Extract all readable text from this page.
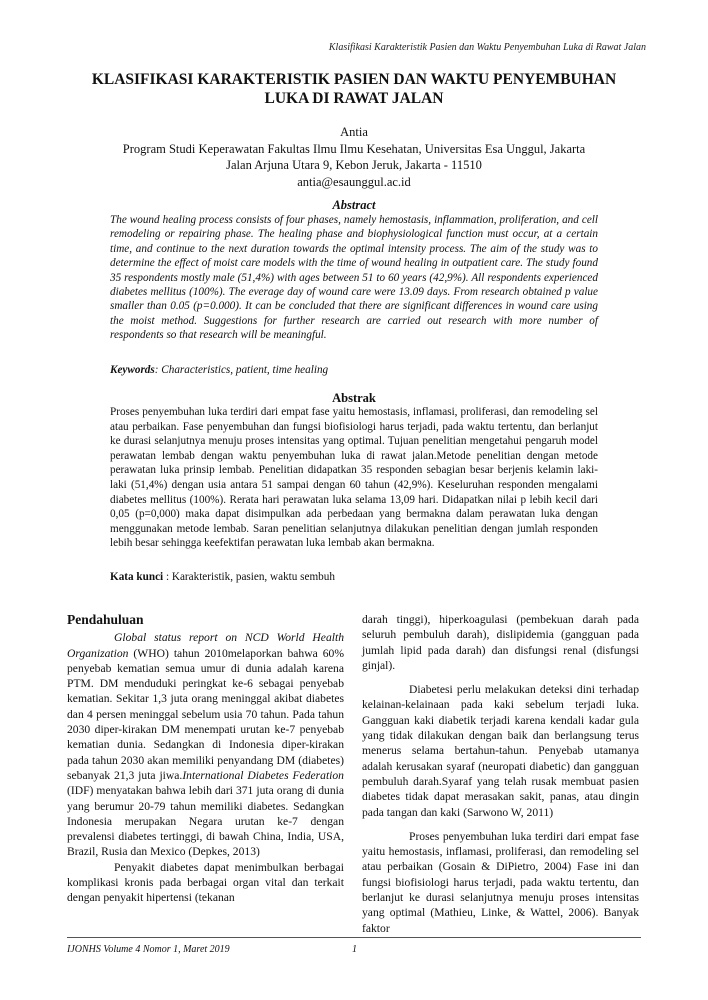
Klasifikasi Karakteristik Pasien dan Waktu Penyembuhan Luka di Rawat Jalan
KLASIFIKASI KARAKTERISTIK PASIEN DAN WAKTU PENYEMBUHAN LUKA DI RAWAT JALAN
Antia
Program Studi Keperawatan Fakultas Ilmu Ilmu Kesehatan, Universitas Esa Unggul, Jakarta
Jalan Arjuna Utara 9, Kebon Jeruk, Jakarta - 11510
antia@esaunggul.ac.id
Abstract
The wound healing process consists of four phases, namely hemostasis, inflammation, proliferation, and cell remodeling or repairing phase. The healing phase and biophysiological function must occur, at a certain time, and continue to the next duration towards the optimal intensity process. The aim of the study was to determine the effect of moist care models with the time of wound healing in outpatient care. The study found 35 respondents mostly male (51,4%) with ages between 51 to 60 years (42,9%). All respondents experienced diabetes mellitus (100%). The everage day of wound care were 13.09 days. From research obtained p value smaller than 0.05 (p=0.000). It can be concluded that there are significant differences in wound care using the moist method. Suggestions for further research are carried out research with more number of respondents so that research will be meaningful.
Keywords: Characteristics, patient, time healing
Abstrak
Proses penyembuhan luka terdiri dari empat fase yaitu hemostasis, inflamasi, proliferasi, dan remodeling sel atau perbaikan. Fase penyembuhan dan fungsi biofisiologi harus terjadi, pada waktu tertentu, dan berlanjut ke durasi selanjutnya menuju proses intensitas yang optimal. Tujuan penelitian mengetahui pengaruh model perawatan lembab dengan waktu penyembuhan luka di rawat jalan.Metode penelitian dengan metode perawatan luka prinsip lembab. Penelitian didapatkan 35 responden sebagian besar berjenis kelamin laki-laki (51,4%) dengan usia antara 51 sampai dengan 60 tahun (42,9%). Keseluruhan responden mengalami diabetes mellitus (100%). Rerata hari perawatan luka selama 13,09 hari. Didapatkan nilai p lebih kecil dari 0,05 (p=0,000) maka dapat disimpulkan ada perbedaan yang bermakna dalam perawatan luka dengan menggunakan metode lembab. Saran penelitian selanjutnya dilakukan penelitian dengan jumlah responden lebih besar sehingga keefektifan perawatan luka lembab akan bermakna.
Kata kunci : Karakteristik, pasien, waktu sembuh
Pendahuluan

Global status report on NCD World Health Organization (WHO) tahun 2010melaporkan bahwa 60% penyebab kematian semua umur di dunia adalah karena PTM. DM menduduki peringkat ke-6 sebagai penyebab kematian. Sekitar 1,3 juta orang meninggal akibat diabetes dan 4 persen meninggal sebelum usia 70 tahun. Pada tahun 2030 diper-kirakan DM menempati urutan ke-7 penyebab kematian dunia. Sedangkan di Indonesia diper-kirakan pada tahun 2030 akan memiliki penyandang DM (diabetes) sebanyak 21,3 juta jiwa.International Diabetes Federation (IDF) menyatakan bahwa lebih dari 371 juta orang di dunia yang berumur 20-79 tahun memiliki diabetes. Sedangkan Indonesia merupakan Negara urutan ke-7 dengan prevalensi diabetes tertinggi, di bawah China, India, USA, Brazil, Rusia dan Mexico (Depkes, 2013)

Penyakit diabetes dapat menimbulkan berbagai komplikasi kronis pada berbagai organ vital dan terkait dengan penyakit hipertensi (tekanan

darah tinggi), hiperkoagulasi (pembekuan darah pada seluruh pembuluh darah), dislipidemia (gangguan pada jumlah lipid pada darah) dan disfungsi renal (disfungsi ginjal).

Diabetesi perlu melakukan deteksi dini terhadap kelainan-kelainaan pada kaki sebelum terjadi luka. Gangguan kaki diabetik terjadi karena kendali kadar gula yang tidak dilakukan dengan baik dan berlangsung terus menerus selama bertahun-tahun. Penyebab utamanya adalah kerusakan syaraf (neuropati diabetic) dan gangguan pembuluh darah.Syaraf yang telah rusak membuat pasien diabetes tidak dapat merasakan sakit, panas, atau dingin pada tangan dan kaki (Sarwono W, 2011)

Proses penyembuhan luka terdiri dari empat fase yaitu hemostasis, inflamasi, proliferasi, dan remodeling sel atau perbaikan (Gosain & DiPietro, 2004) Fase ini dan fungsi biofisiologi harus terjadi, pada waktu tertentu, dan berlanjut ke durasi selanjutnya menuju proses intensitas yang optimal (Mathieu, Linke, & Wattel, 2006). Banyak faktor

IJONHS Volume 4 Nomor 1, Maret 2019	1
